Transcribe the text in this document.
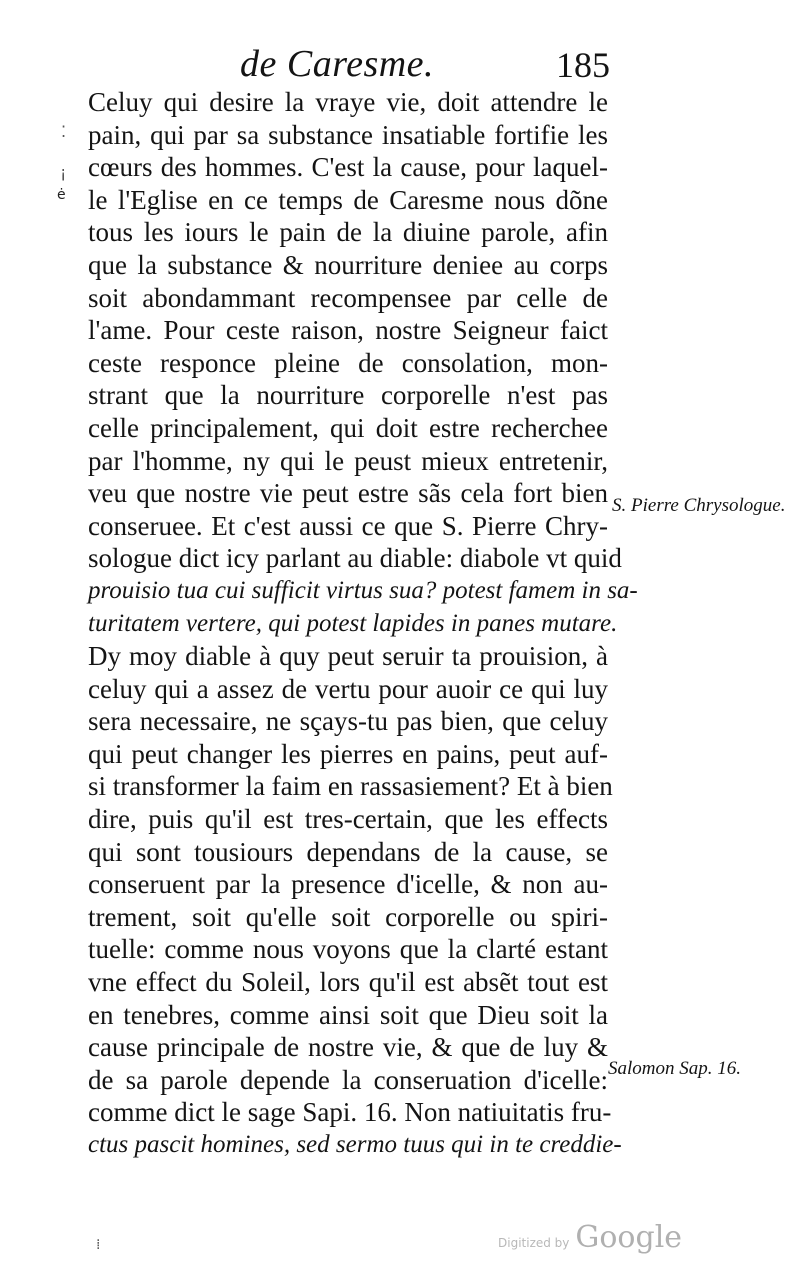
de Caresme.	185
Celuy qui desire la vraye vie, doit attendre le
pain, qui par sa substance insatiable fortifie les
cœurs des hommes. C'est la cause, pour laquel-
le l'Eglise en ce temps de Caresme nous dõne
tous les iours le pain de la diuine parole, afin
que la substance & nourriture deniee au corps
soit abondammant recompensee par celle de
l'ame. Pour ceste raison, nostre Seigneur faict
ceste responce pleine de consolation, mon-
strant que la nourriture corporelle n'est pas
celle principalement, qui doit estre recherchee
par l'homme, ny qui le peust mieux entretenir,
veu que nostre vie peut estre sãs cela fort bien
conseruee. Et c'est aussi ce que S. Pierre Chry-
sologue dict icy parlant au diable: diabole vt quid
prouisio tua cui sufficit virtus sua? potest famem in sa-
turitatem vertere, qui potest lapides in panes mutare.
Dy moy diable à quy peut seruir ta prouision, à
celuy qui a assez de vertu pour auoir ce qui luy
sera necessaire, ne sçays-tu pas bien, que celuy
qui peut changer les pierres en pains, peut auf-
si transformer la faim en rassasiement? Et à bien
dire, puis qu'il est tres-certain, que les effects
qui sont tousiours dependans de la cause, se
conseruent par la presence d'icelle, & non au-
trement, soit qu'elle soit corporelle ou spiri-
tuelle: comme nous voyons que la clarté estant
vne effect du Soleil, lors qu'il est absẽt tout est
en tenebres, comme ainsi soit que Dieu soit la
cause principale de nostre vie, & que de luy &
de sa parole depende la conseruation d'icelle:
comme dict le sage Sapi. 16. Non natiuitatis fru-
ctus pascit homines, sed sermo tuus qui in te creddie-
S. Pierre Chrysologue.
Salomon Sap. 16.
⁚
¡
ė
⁞	Digitized by Google
